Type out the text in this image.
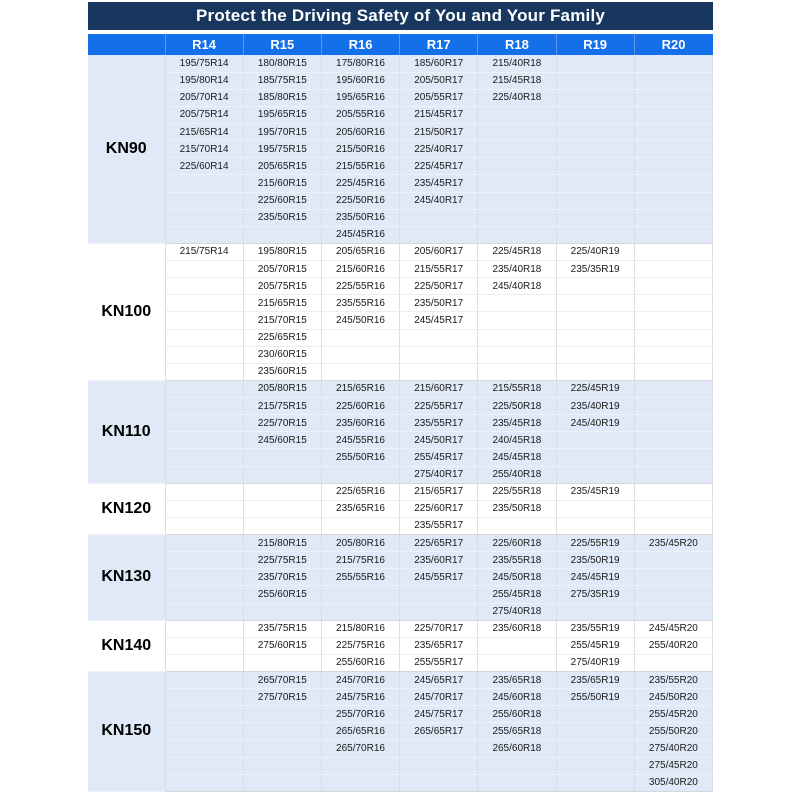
Protect the Driving Safety of You and Your Family
	R14	R15	R16	R17	R18	R19	R20
KN90	195/75R14	180/80R15	175/80R16	185/60R17	215/40R18		
	195/80R14	185/75R15	195/60R16	205/50R17	215/45R18		
	205/70R14	185/80R15	195/65R16	205/55R17	225/40R18		
	205/75R14	195/65R15	205/55R16	215/45R17			
	215/65R14	195/70R15	205/60R16	215/50R17			
	215/70R14	195/75R15	215/50R16	225/40R17			
	225/60R14	205/65R15	215/55R16	225/45R17			
		215/60R15	225/45R16	235/45R17			
		225/60R15	225/50R16	245/40R17			
		235/50R15	235/50R16				
			245/45R16				
KN100	215/75R14	195/80R15	205/65R16	205/60R17	225/45R18	225/40R19	
		205/70R15	215/60R16	215/55R17	235/40R18	235/35R19	
		205/75R15	225/55R16	225/50R17	245/40R18		
		215/65R15	235/55R16	235/50R17			
		215/70R15	245/50R16	245/45R17			
		225/65R15					
		230/60R15					
		235/60R15					
KN110		205/80R15	215/65R16	215/60R17	215/55R18	225/45R19	
		215/75R15	225/60R16	225/55R17	225/50R18	235/40R19	
		225/70R15	235/60R16	235/55R17	235/45R18	245/40R19	
		245/60R15	245/55R16	245/50R17	240/45R18		
			255/50R16	255/45R17	245/45R18		
				275/40R17	255/40R18		
KN120			225/65R16	215/65R17	225/55R18	235/45R19	
			235/65R16	225/60R17	235/50R18		
				235/55R17			
KN130		215/80R15	205/80R16	225/65R17	225/60R18	225/55R19	235/45R20
		225/75R15	215/75R16	235/60R17	235/55R18	235/50R19	
		235/70R15	255/55R16	245/55R17	245/50R18	245/45R19	
		255/60R15			255/45R18	275/35R19	
					275/40R18		
KN140		235/75R15	215/80R16	225/70R17	235/60R18	235/55R19	245/45R20
		275/60R15	225/75R16	235/65R17		255/45R19	255/40R20
			255/60R16	255/55R17		275/40R19	
KN150		265/70R15	245/70R16	245/65R17	235/65R18	235/65R19	235/55R20
		275/70R15	245/75R16	245/70R17	245/60R18	255/50R19	245/50R20
			255/70R16	245/75R17	255/60R18		255/45R20
			265/65R16	265/65R17	255/65R18		255/50R20
			265/70R16		265/60R18		275/40R20
							275/45R20
							305/40R20
